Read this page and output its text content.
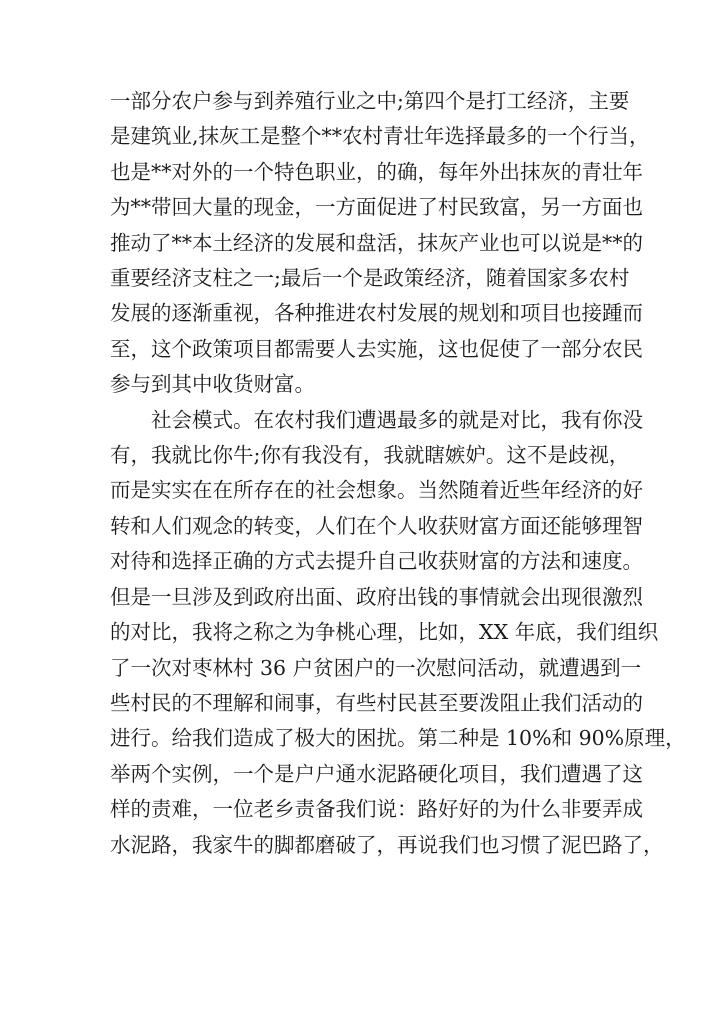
一部分农户参与到养殖行业之中;第四个是打工经济，主要
是建筑业,抹灰工是整个**农村青壮年选择最多的一个行当，
也是**对外的一个特色职业，的确，每年外出抹灰的青壮年
为**带回大量的现金，一方面促进了村民致富，另一方面也
推动了**本土经济的发展和盘活，抹灰产业也可以说是**的
重要经济支柱之一;最后一个是政策经济，随着国家多农村
发展的逐渐重视，各种推进农村发展的规划和项目也接踵而
至，这个政策项目都需要人去实施，这也促使了一部分农民
参与到其中收货财富。
社会模式。在农村我们遭遇最多的就是对比，我有你没
有，我就比你牛;你有我没有，我就瞎嫉妒。这不是歧视，
而是实实在在所存在的社会想象。当然随着近些年经济的好
转和人们观念的转变，人们在个人收获财富方面还能够理智
对待和选择正确的方式去提升自己收获财富的方法和速度。
但是一旦涉及到政府出面、政府出钱的事情就会出现很激烈
的对比，我将之称之为争桃心理，比如，XX 年底，我们组织
了一次对枣林村 36 户贫困户的一次慰问活动，就遭遇到一
些村民的不理解和闹事，有些村民甚至要泼阻止我们活动的
进行。给我们造成了极大的困扰。第二种是 10%和 90%原理，
举两个实例，一个是户户通水泥路硬化项目，我们遭遇了这
样的责难，一位老乡责备我们说：路好好的为什么非要弄成
水泥路，我家牛的脚都磨破了，再说我们也习惯了泥巴路了，
